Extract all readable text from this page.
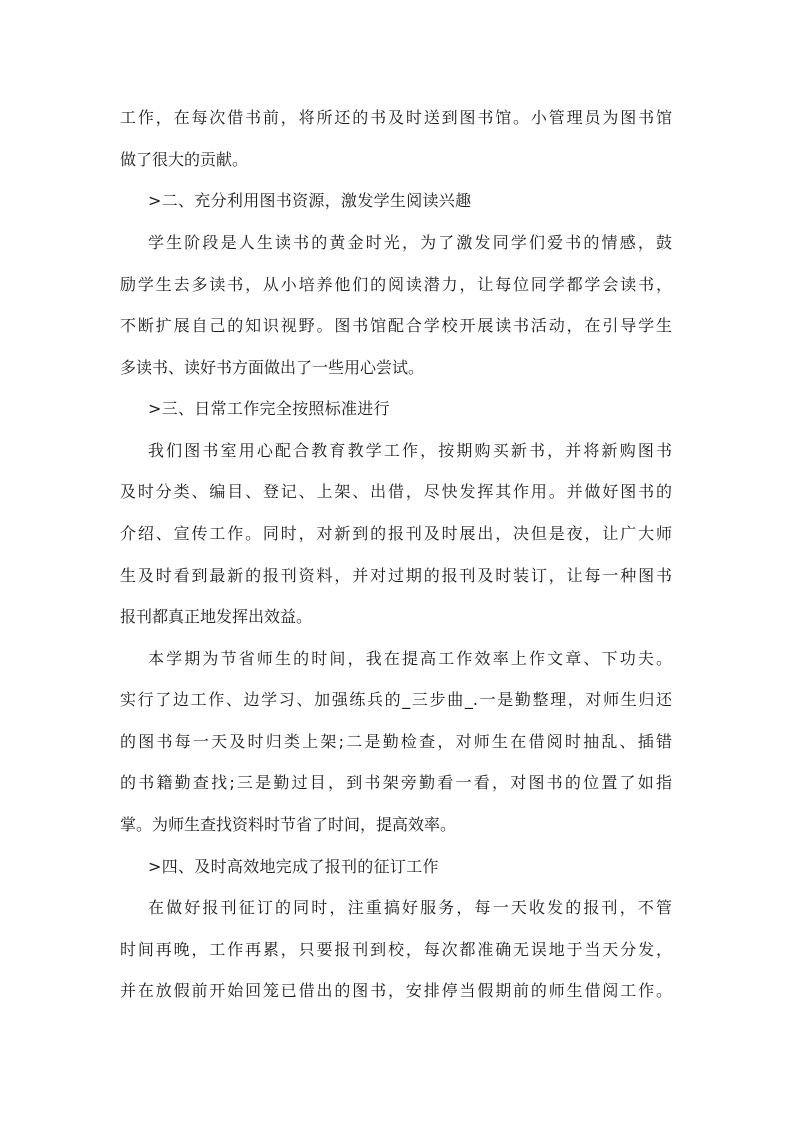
工作，在每次借书前，将所还的书及时送到图书馆。小管理员为图书馆
做了很大的贡献。
>二、充分利用图书资源，激发学生阅读兴趣
学生阶段是人生读书的黄金时光，为了激发同学们爱书的情感，鼓
励学生去多读书，从小培养他们的阅读潜力，让每位同学都学会读书，
不断扩展自己的知识视野。图书馆配合学校开展读书活动，在引导学生
多读书、读好书方面做出了一些用心尝试。
>三、日常工作完全按照标准进行
我们图书室用心配合教育教学工作，按期购买新书，并将新购图书
及时分类、编目、登记、上架、出借，尽快发挥其作用。并做好图书的
介绍、宣传工作。同时，对新到的报刊及时展出，决但是夜，让广大师
生及时看到最新的报刊资料，并对过期的报刊及时装订，让每一种图书
报刊都真正地发挥出效益。
本学期为节省师生的时间，我在提高工作效率上作文章、下功夫。
实行了边工作、边学习、加强练兵的_三步曲_.一是勤整理，对师生归还
的图书每一天及时归类上架;二是勤检查，对师生在借阅时抽乱、插错
的书籍勤查找;三是勤过目，到书架旁勤看一看，对图书的位置了如指
掌。为师生查找资料时节省了时间，提高效率。
>四、及时高效地完成了报刊的征订工作
在做好报刊征订的同时，注重搞好服务，每一天收发的报刊，不管
时间再晚，工作再累，只要报刊到校，每次都准确无误地于当天分发，
并在放假前开始回笼已借出的图书，安排停当假期前的师生借阅工作。
